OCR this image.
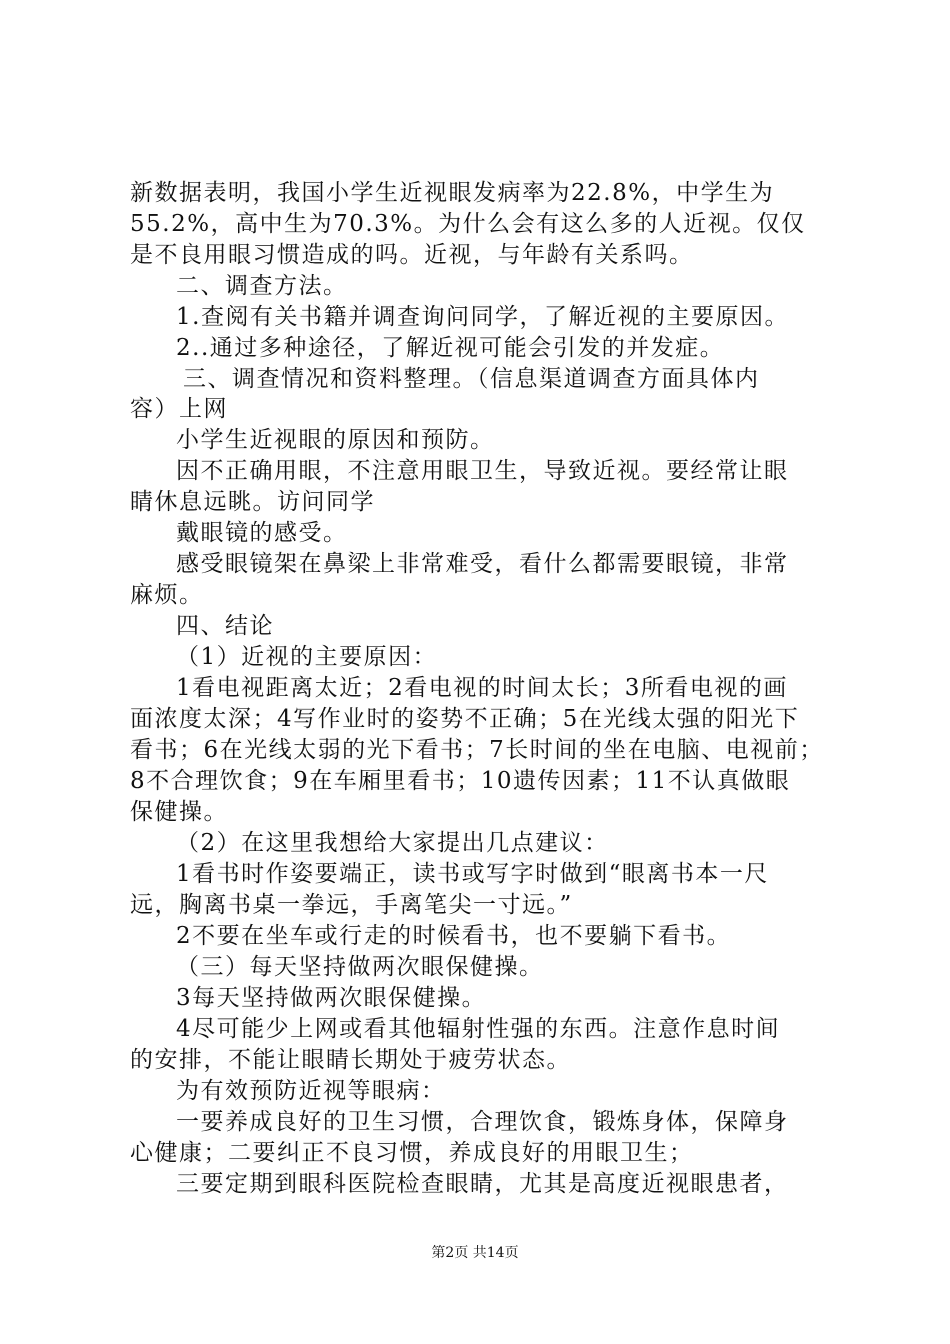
新数据表明，我国小学生近视眼发病率为22.8%，中学生为
55.2%，高中生为70.3%。为什么会有这么多的人近视。仅仅
是不良用眼习惯造成的吗。近视，与年龄有关系吗。
二、调查方法。
1.查阅有关书籍并调查询问同学，了解近视的主要原因。
2..通过多种途径，了解近视可能会引发的并发症。
三、调查情况和资料整理。（信息渠道调查方面具体内
容）上网
小学生近视眼的原因和预防。
因不正确用眼，不注意用眼卫生，导致近视。要经常让眼
睛休息远眺。访问同学
戴眼镜的感受。
感受眼镜架在鼻梁上非常难受，看什么都需要眼镜，非常
麻烦。
四、结论
（1）近视的主要原因：
1看电视距离太近；2看电视的时间太长；3所看电视的画
面浓度太深；4写作业时的姿势不正确；5在光线太强的阳光下
看书；6在光线太弱的光下看书；7长时间的坐在电脑、电视前；
8不合理饮食；9在车厢里看书；10遗传因素；11不认真做眼
保健操。
（2）在这里我想给大家提出几点建议：
1看书时作姿要端正，读书或写字时做到“眼离书本一尺
远，胸离书桌一拳远，手离笔尖一寸远。”
2不要在坐车或行走的时候看书，也不要躺下看书。
（三）每天坚持做两次眼保健操。
3每天坚持做两次眼保健操。
4尽可能少上网或看其他辐射性强的东西。注意作息时间
的安排，不能让眼睛长期处于疲劳状态。
为有效预防近视等眼病：
一要养成良好的卫生习惯，合理饮食，锻炼身体，保障身
心健康；二要纠正不良习惯，养成良好的用眼卫生；
三要定期到眼科医院检查眼睛，尤其是高度近视眼患者，
第2页 共14页
